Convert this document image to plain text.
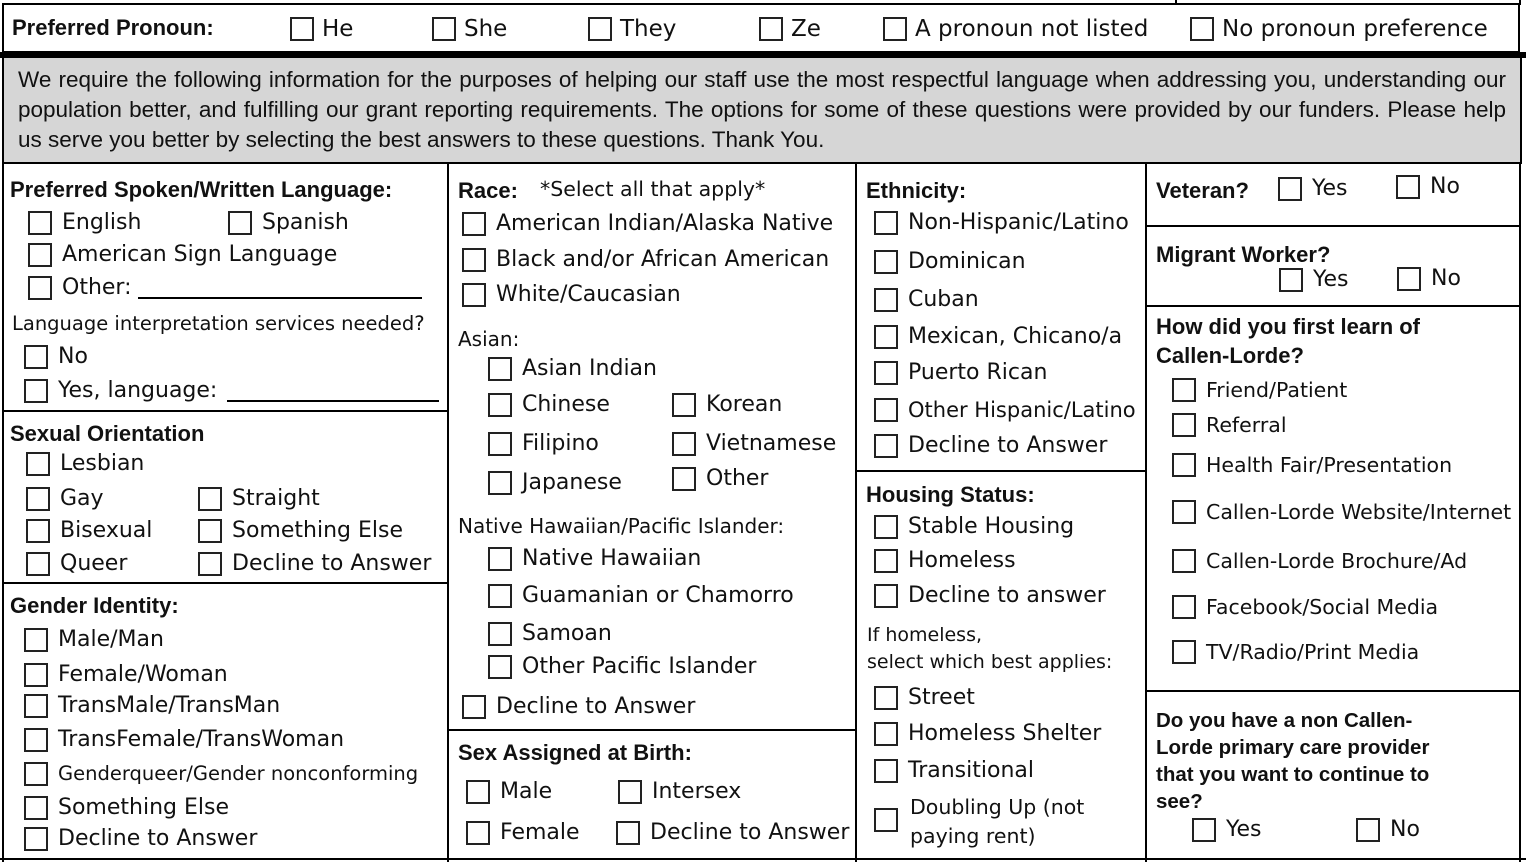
Preferred Pronoun:	He	She	They	Ze	A pronoun not listed	No pronoun preference
We require the following information for the purposes of helping our staff use the most respectful language when addressing you, understanding our population better, and fulfilling our grant reporting requirements. The options for some of these questions were provided by our funders. Please help us serve you better by selecting the best answers to these questions. Thank You.
Preferred Spoken/Written Language:
English	Spanish
American Sign Language
Other:
Language interpretation services needed?
No
Yes, language:
Sexual Orientation
Lesbian
Gay	Straight
Bisexual	Something Else
Queer	Decline to Answer
Gender Identity:
Male/Man
Female/Woman
TransMale/TransMan
TransFemale/TransWoman
Genderqueer/Gender nonconforming
Something Else
Decline to Answer
Race: *Select all that apply*
American Indian/Alaska Native
Black and/or African American
White/Caucasian
Asian:
Asian Indian
Chinese	Korean
Filipino	Vietnamese
Japanese	Other
Native Hawaiian/Pacific Islander:
Native Hawaiian
Guamanian or Chamorro
Samoan
Other Pacific Islander
Decline to Answer
Sex Assigned at Birth:
Male	Intersex
Female	Decline to Answer
Ethnicity:
Non-Hispanic/Latino
Dominican
Cuban
Mexican, Chicano/a
Puerto Rican
Other Hispanic/Latino
Decline to Answer
Housing Status:
Stable Housing
Homeless
Decline to answer
If homeless,
select which best applies:
Street
Homeless Shelter
Transitional
Doubling Up (not
paying rent)
Veteran?	Yes	No
Migrant Worker?
Yes	No
How did you first learn of
Callen-Lorde?
Friend/Patient
Referral
Health Fair/Presentation
Callen-Lorde Website/Internet
Callen-Lorde Brochure/Ad
Facebook/Social Media
TV/Radio/Print Media
Do you have a non Callen-
Lorde primary care provider
that you want to continue to
see?
Yes	No
